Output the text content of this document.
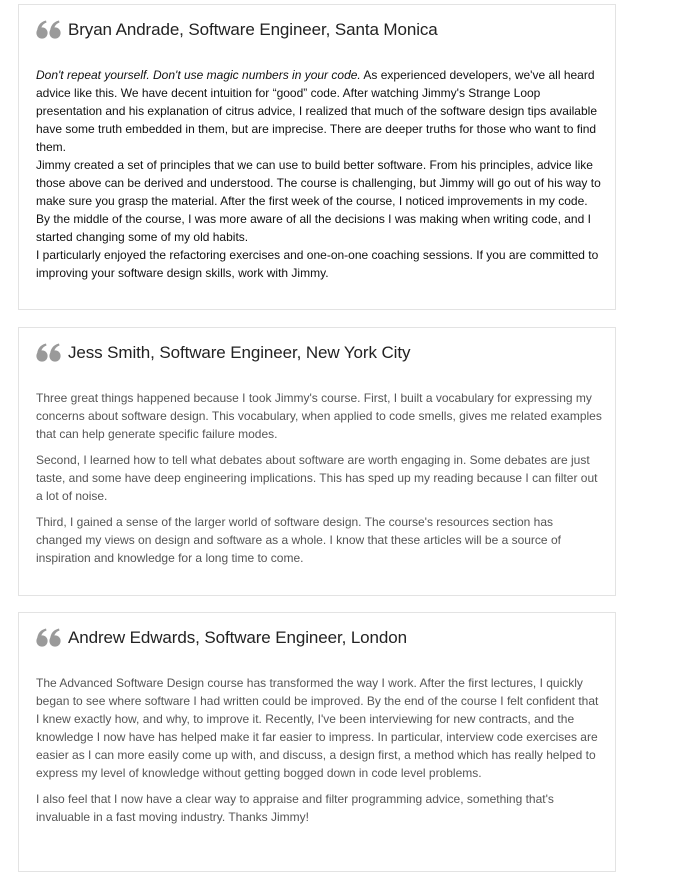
Bryan Andrade, Software Engineer, Santa Monica

Don't repeat yourself. Don't use magic numbers in your code. As experienced developers, we've all heard advice like this. We have decent intuition for “good” code. After watching Jimmy's Strange Loop presentation and his explanation of citrus advice, I realized that much of the software design tips available have some truth embedded in them, but are imprecise. There are deeper truths for those who want to find them.

Jimmy created a set of principles that we can use to build better software. From his principles, advice like those above can be derived and understood. The course is challenging, but Jimmy will go out of his way to make sure you grasp the material. After the first week of the course, I noticed improvements in my code. By the middle of the course, I was more aware of all the decisions I was making when writing code, and I started changing some of my old habits.

I particularly enjoyed the refactoring exercises and one-on-one coaching sessions. If you are committed to improving your software design skills, work with Jimmy.

Jess Smith, Software Engineer, New York City

Three great things happened because I took Jimmy's course. First, I built a vocabulary for expressing my concerns about software design. This vocabulary, when applied to code smells, gives me related examples that can help generate specific failure modes.

Second, I learned how to tell what debates about software are worth engaging in. Some debates are just taste, and some have deep engineering implications. This has sped up my reading because I can filter out a lot of noise.

Third, I gained a sense of the larger world of software design. The course's resources section has changed my views on design and software as a whole. I know that these articles will be a source of inspiration and knowledge for a long time to come.

Andrew Edwards, Software Engineer, London

The Advanced Software Design course has transformed the way I work. After the first lectures, I quickly began to see where software I had written could be improved. By the end of the course I felt confident that I knew exactly how, and why, to improve it. Recently, I've been interviewing for new contracts, and the knowledge I now have has helped make it far easier to impress. In particular, interview code exercises are easier as I can more easily come up with, and discuss, a design first, a method which has really helped to express my level of knowledge without getting bogged down in code level problems.

I also feel that I now have a clear way to appraise and filter programming advice, something that's invaluable in a fast moving industry. Thanks Jimmy!
